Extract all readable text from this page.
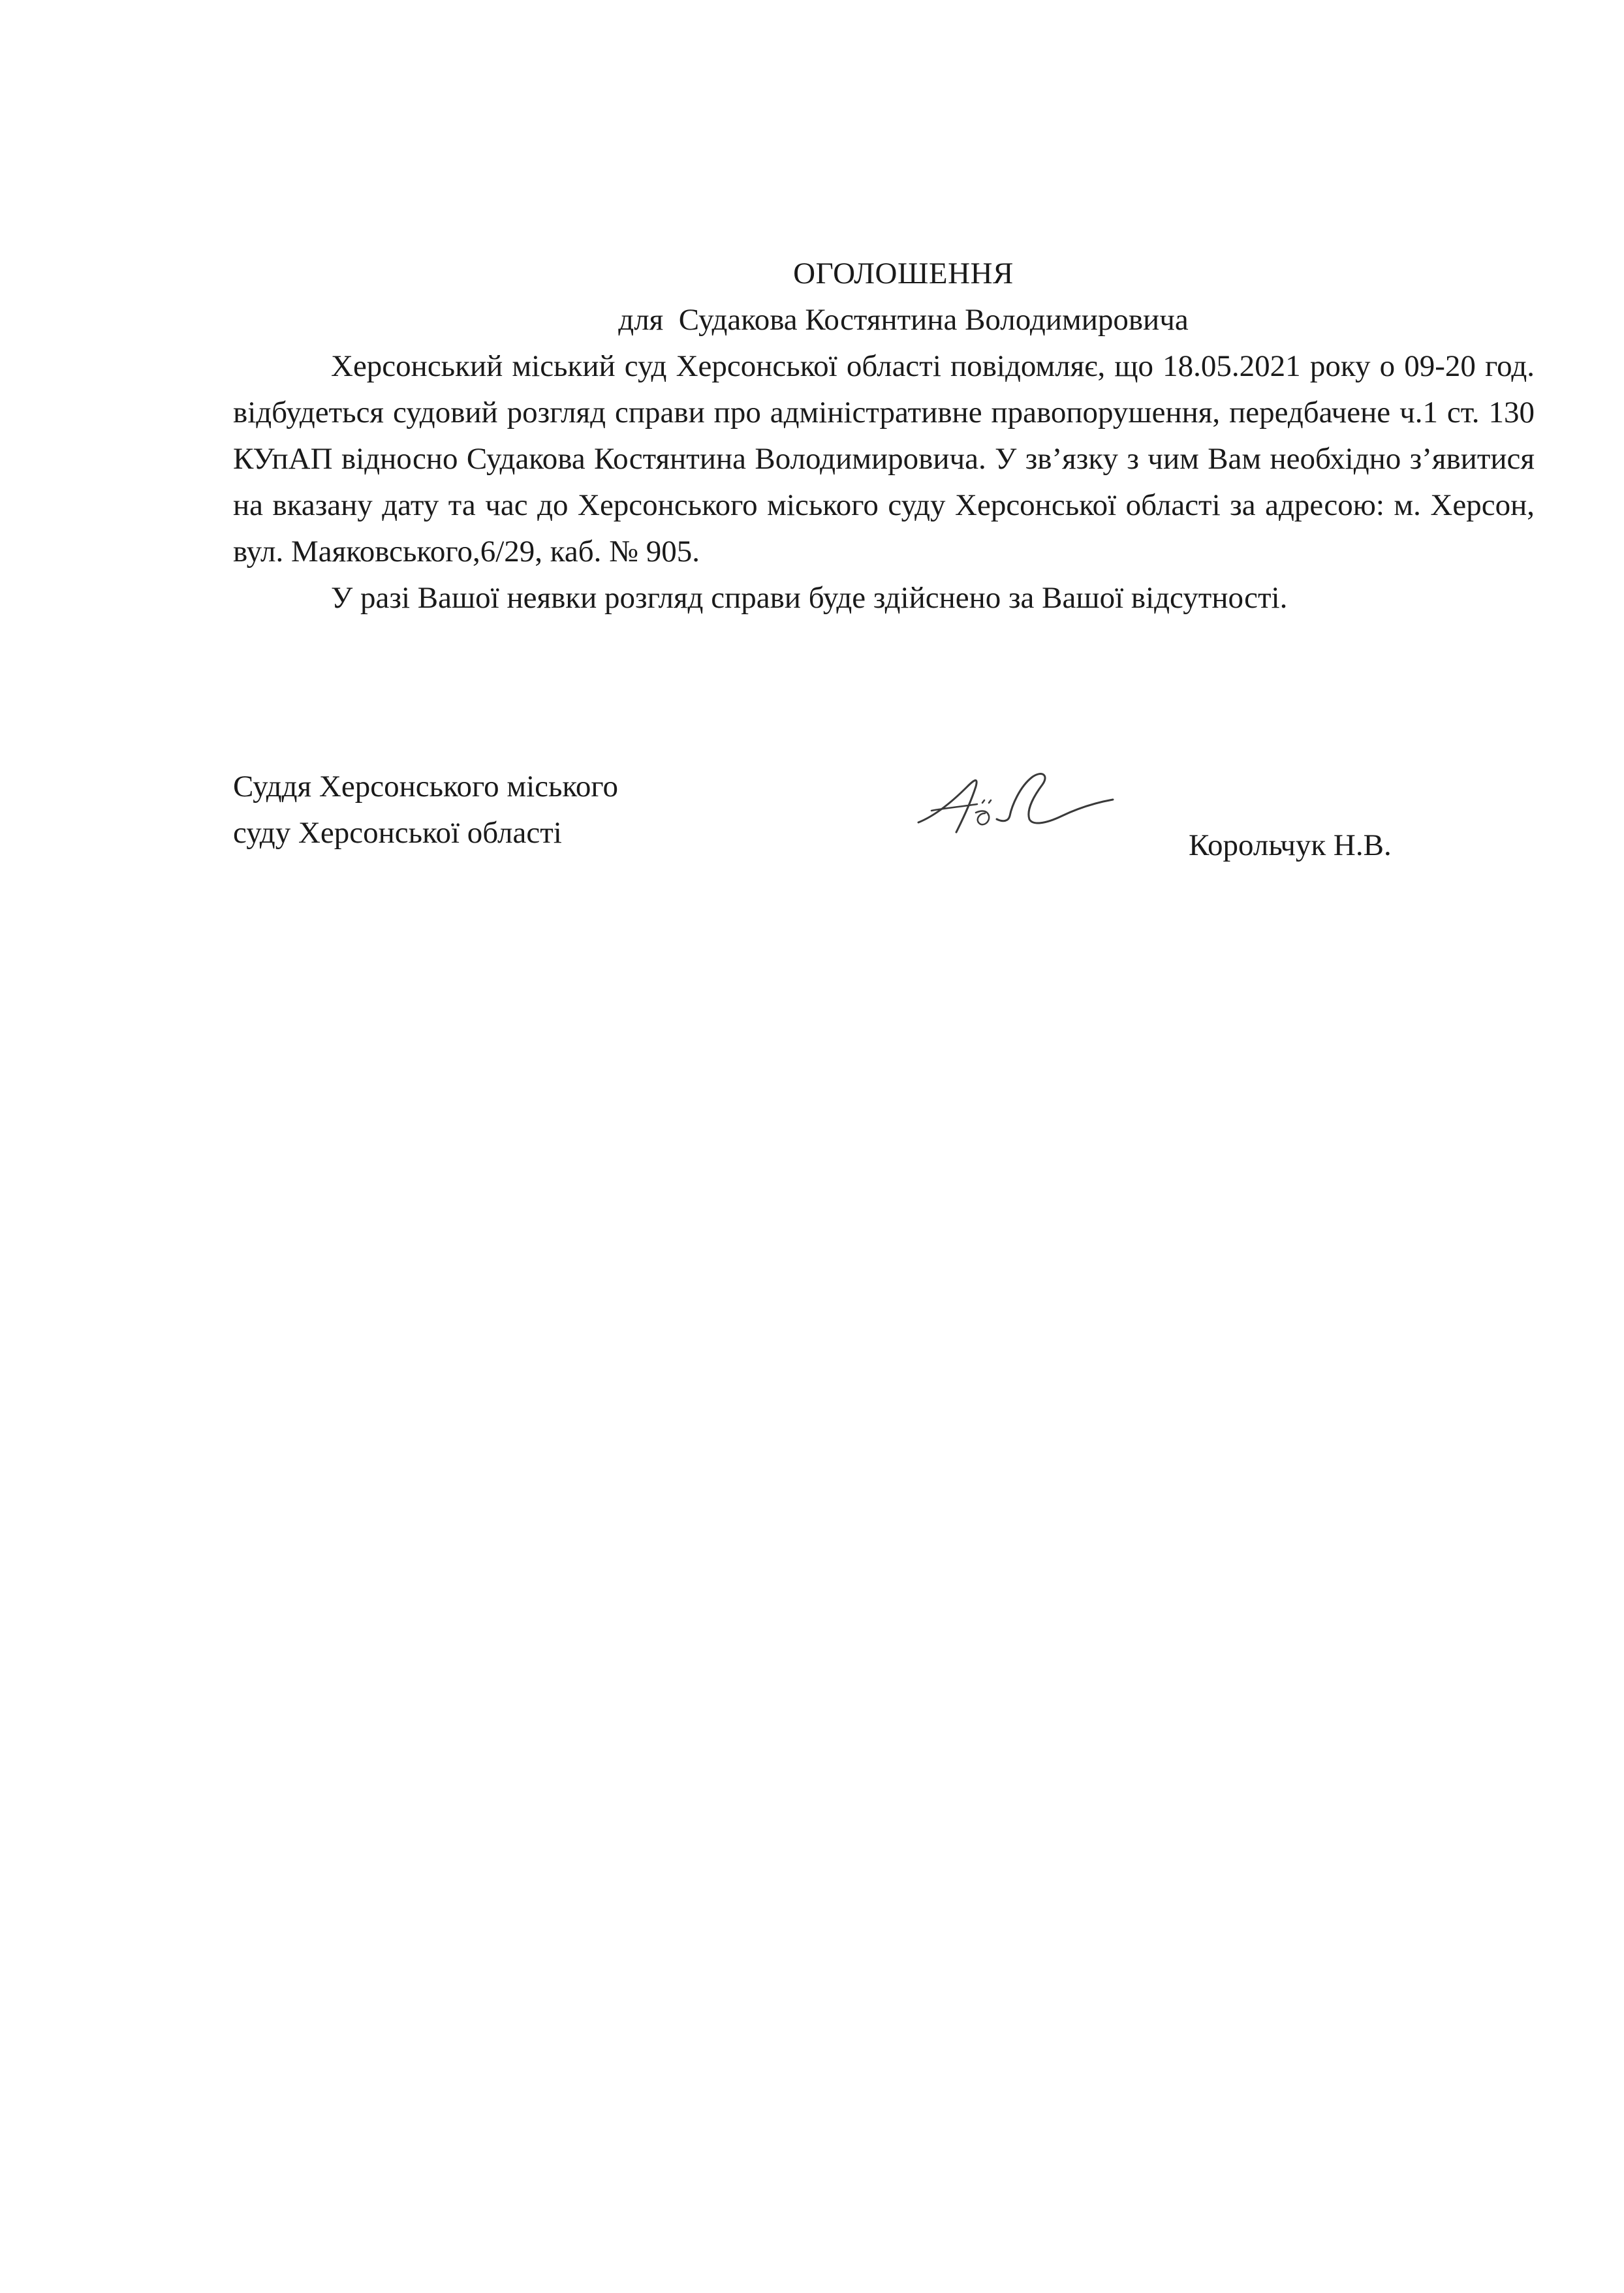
ОГОЛОШЕННЯ

для  Судакова Костянтина Володимировича

Херсонський міський суд Херсонської області повідомляє, що 18.05.2021 року о 09-20 год. відбудеться судовий розгляд справи про адміністративне правопорушення, передбачене ч.1 ст. 130 КУпАП відносно Судакова Костянтина Володимировича. У зв’язку з чим Вам необхідно з’явитися на вказану дату та час до Херсонського міського суду Херсонської області за адресою: м. Херсон, вул. Маяковського,6/29, каб. № 905.

У разі Вашої неявки розгляд справи буде здійснено за Вашої відсутності.

Суддя Херсонського міського
суду Херсонської області	Корольчук Н.В.
